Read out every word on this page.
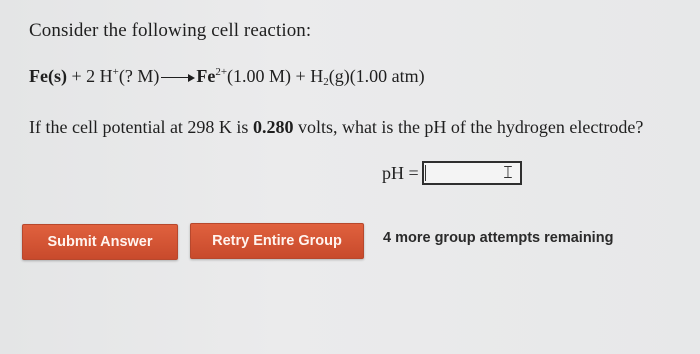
Consider the following cell reaction:
Fe(s) + 2 H+(? M) $Fe^{2+}(1.00$ $M) + H_2(g)(1.00$ atm)
If the cell potential at 298 K is 0.280 volts, what is the pH of the hydrogen electrode?
pH =	𝙸
Submit Answer	Retry Entire Group	4 more group attempts remaining
